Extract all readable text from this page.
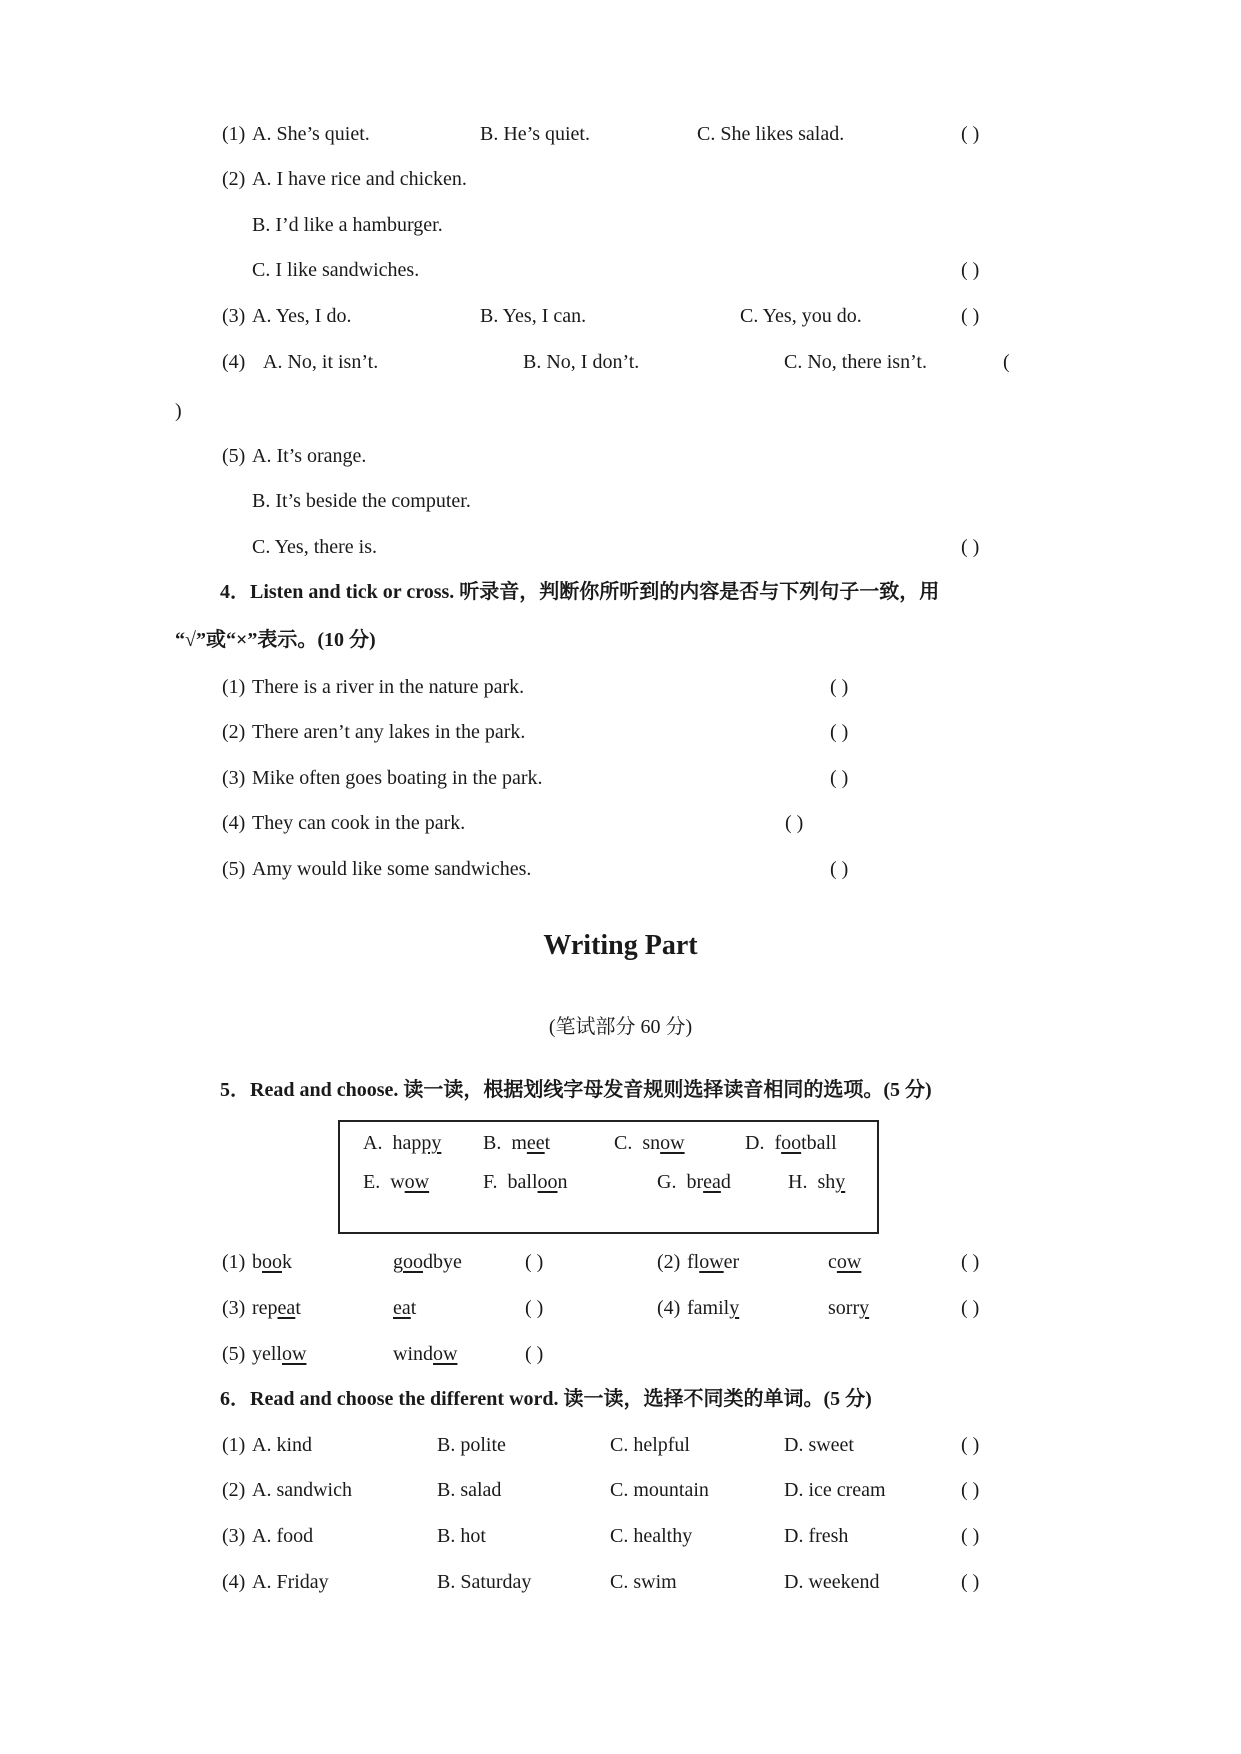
(1) A. She’s quiet.	B. He’s quiet.	C. She likes salad.	( )
(2) A. I have rice and chicken.
B. I’d like a hamburger.
C. I like sandwiches.	( )
(3) A. Yes, I do.	B. Yes, I can.	C. Yes, you do.	( )
(4) A. No, it isn’t.	B. No, I don’t.	C. No, there isn’t.	(
)
(5) A. It’s orange.
B. It’s beside the computer.
C. Yes, there is.	( )
4．Listen and tick or cross. 听录音，判断你所听到的内容是否与下列句子一致，用
“√”或“×”表示。(10 分)
(1) There is a river in the nature park.	( )
(2) There aren’t any lakes in the park.	( )
(3) Mike often goes boating in the park.	( )
(4) They can cook in the park.	( )
(5) Amy would like some sandwiches.	( )
Writing Part
(笔试部分 60 分)
5．Read and choose. 读一读，根据划线字母发音规则选择读音相同的选项。(5 分)
A. happy B. meet	C. snow	D. football
E. wow	F. balloon	G. bread	H. shy
(1) book	goodbye	( )	(2) flower	cow	( )
(3) repeat	eat	( )	(4) family	sorry	( )
(5) yellow	window	( )
6．Read and choose the different word. 读一读，选择不同类的单词。(5 分)
(1) A. kind	B. polite	C. helpful	D. sweet	( )
(2) A. sandwich	B. salad	C. mountain	D. ice cream	( )
(3) A. food	B. hot	C. healthy	D. fresh	( )
(4) A. Friday	B. Saturday	C. swim	D. weekend	( )
